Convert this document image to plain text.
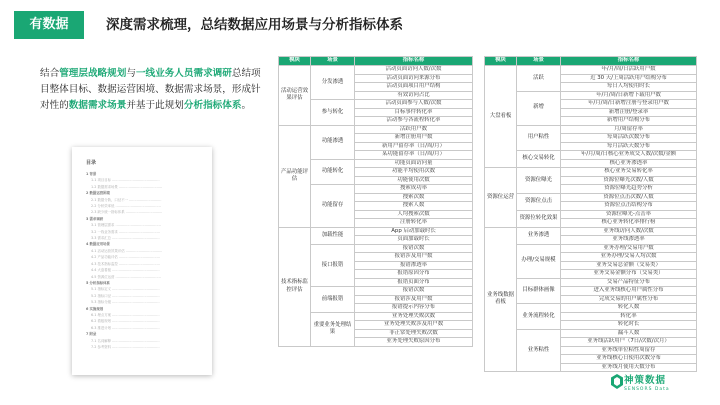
有数据	深度需求梳理，总结数据应用场景与分析指标体系
结合管理层战略规划与一线业务人员需求调研总结项目整体目标、数据运营困境、数据需求场景，形成针对性的数据需求场景并基于此规划分析指标体系。
目录
1 背景
1.1 项目目标 ............................................
1.2 数据需求场景 ........................................
2 数据运营困境
2.1 数据分散，口径不一 ..............................
2.2 分析效率低 ..........................................
2.3 缺少统一指标体系 ..................................
3 需求调研
3.1 管理层需求 ..........................................
3.2 一线业务需求 ......................................
3.3 需求汇总 ............................................
4 数据应用场景
4.1 活动运营效果评估 ..................................
4.2 产品功能评估 ......................................
4.3 技术指标监控 ......................................
4.4 大盘看板 ............................................
4.5 资源位运营 ..........................................
5 分析指标体系
5.1 指标定义 ............................................
5.2 指标口径 ............................................
5.3 指标分级 ............................................
6 实施规划
6.1 埋点方案 ............................................
6.2 看板规划 ............................................
6.3 推进计划 ............................................
7 附录
7.1 名词解释 ............................................
7.2 参考资料 ............................................
模块	场景	指标名称
活动运营效果评估	分发渗透	活动页面访问人数/次数
		活动页面访问来源分布
		活动页面项目用户结构
		有效访问占比
	参与转化	活动页面参与人数/次数
		目标事件转化率
		活动参与各流程转化率
产品功能评估	功能渗透	活跃用户数
		新增注册用户数
		新用户留存率（日/周/月）
		某功能留存率（日/周/月）
	功能转化	功能页面访问量
		功能平均使用次数
		功能使用次数
	功能留存	搜索成功率
		搜索次数
		搜索人数
		人均搜索次数
		注册转化率
技术指标监控评估	加载性能	App 启动加载时长
		页面加载时长
	接口报错	报错次数
		报错涉及用户数
		报错渗透率
		报错原因分布
		报错页面分布
	前端报错	报错次数
		报错涉及用户数
		报错提示内容分布
	重要业务处理结果	业务处理失败次数
		业务处理失败涉及用户数
		非正常处理失败次数
		业务处理失败原因分布
模块	场景	指标名称
大盘看板	活跃	年/月/周/日活跃用户数
		近 30 天/上周活跃用户结构分布
		每日人均使用时长
	新增	年/月/周/日新增下载用户数
		年/月/周/日新增注册与登录用户数
		新增注册/登录率
		新增用户结构分布
	用户粘性	月/周留存率
		每周活跃次数分布
		每月活跃天数分布
	核心交易转化	年/月/周/日核心业务成交人数/次数/金额
		核心业务渗透率
资源位运营	资源位曝光	核心业务交易转化率
		资源位曝光次数/人数
		资源位曝光趋势分析
	资源位点击	资源位点击次数/人数
		资源位点击结构分布
	资源位转化效果	资源位曝光-点击率
		核心业务转化率排行榜
业务线数据看板	业务渗透	业务线访问人数/次数
		业务线渗透率
	办理/交易规模	业务办理/交易用户数
		业务办理/交易人均次数
		业务交易总金额（交易类）
		业务交易金额分布（交易类）
	目标群体画像	交易产品特征分布
		进入业务线核心用户属性分布
		完成交易的用户属性分布
	业务流程转化	转化人数
		转化率
		转化时长
	业务粘性	漏斗人数
		业务线活跃用户（7日/次数/次月）
		业务线单位粘性周留存
		业务线核心日使用次数分布
		业务线月使用天数分布
神策数据
SENSORS Data
